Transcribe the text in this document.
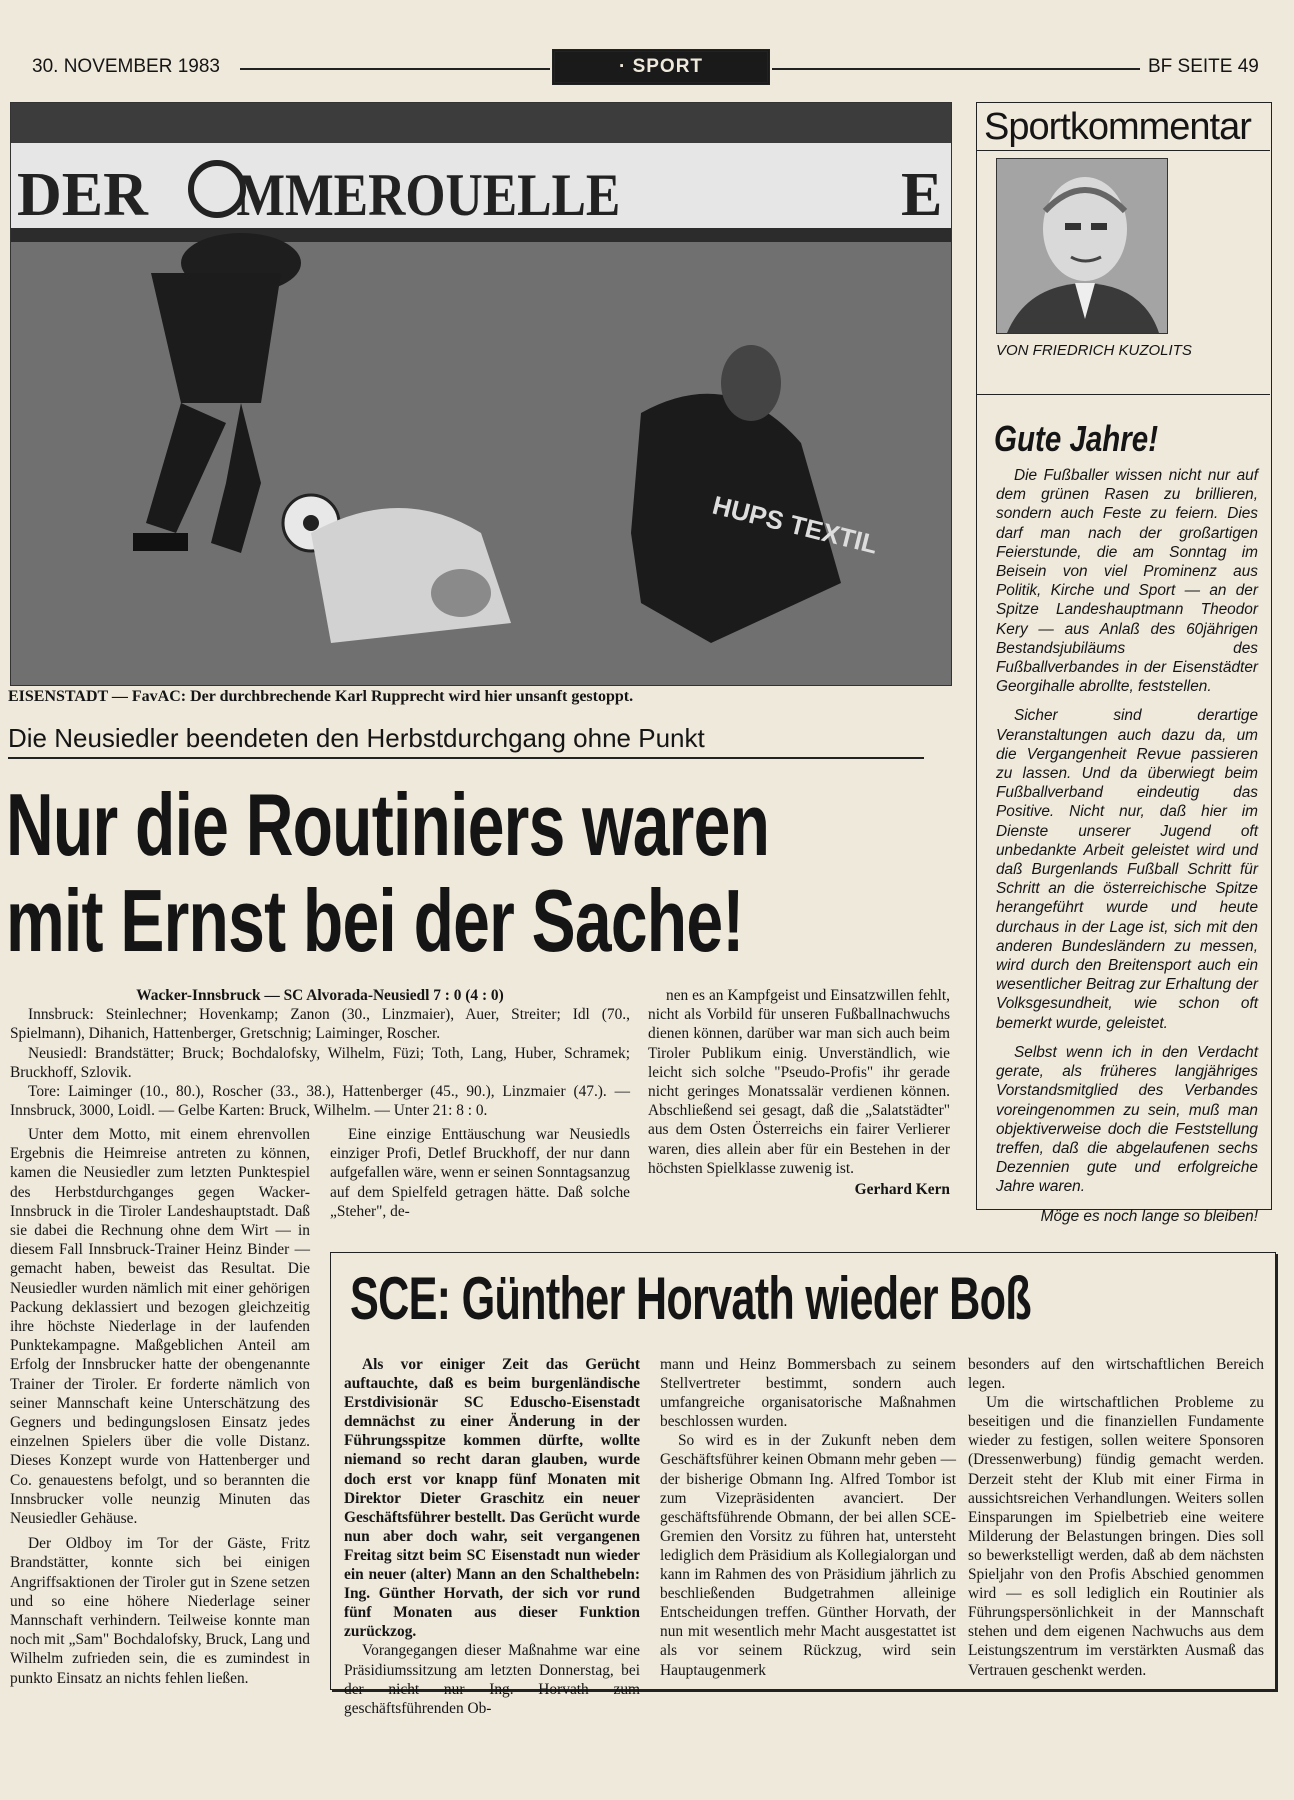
30. NOVEMBER 1983	· SPORT	BF SEITE 49
DER MMEROUELLE	E
HUPS TEXTIL
EISENSTADT — FavAC: Der durchbrechende Karl Rupprecht wird hier unsanft gestoppt.
Die Neusiedler beendeten den Herbstdurchgang ohne Punkt
Nur die Routiniers waren
mit Ernst bei der Sache!

Wacker-Innsbruck — SC Alvorada-Neusiedl 7 : 0 (4 : 0)

Innsbruck: Steinlechner; Hovenkamp; Zanon (30., Linzmaier), Auer, Streiter; Idl (70., Spielmann), Dihanich, Hattenberger, Gretschnig; Laiminger, Roscher.

Neusiedl: Brandstätter; Bruck; Bochdalofsky, Wilhelm, Füzi; Toth, Lang, Huber, Schramek; Bruckhoff, Szlovik.

Tore: Laiminger (10., 80.), Roscher (33., 38.), Hattenberger (45., 90.), Linzmaier (47.). — Innsbruck, 3000, Loidl. — Gelbe Karten: Bruck, Wilhelm. — Unter 21: 8 : 0.

Unter dem Motto, mit einem ehrenvollen Ergebnis die Heimreise antreten zu können, kamen die Neusiedler zum letzten Punktespiel des Herbstdurchganges gegen Wacker-Innsbruck in die Tiroler Landeshauptstadt. Daß sie dabei die Rechnung ohne dem Wirt — in diesem Fall Innsbruck-Trainer Heinz Binder — gemacht haben, beweist das Resultat. Die Neusiedler wurden nämlich mit einer gehörigen Packung deklassiert und bezogen gleichzeitig ihre höchste Niederlage in der laufenden Punktekampagne. Maßgeblichen Anteil am Erfolg der Innsbrucker hatte der obengenannte Trainer der Tiroler. Er forderte nämlich von seiner Mannschaft keine Unterschätzung des Gegners und bedingungslosen Einsatz jedes einzelnen Spielers über die volle Distanz. Dieses Konzept wurde von Hattenberger und Co. genauestens befolgt, und so berannten die Innsbrucker volle neunzig Minuten das Neusiedler Gehäuse.

Der Oldboy im Tor der Gäste, Fritz Brandstätter, konnte sich bei einigen Angriffsaktionen der Tiroler gut in Szene setzen und so eine höhere Niederlage seiner Mannschaft verhindern. Teilweise konnte man noch mit „Sam" Bochdalofsky, Bruck, Lang und Wilhelm zufrieden sein, die es zumindest in punkto Einsatz an nichts fehlen ließen.

Eine einzige Enttäuschung war Neusiedls einziger Profi, Detlef Bruckhoff, der nur dann aufgefallen wäre, wenn er seinen Sonntagsanzug auf dem Spielfeld getragen hätte. Daß solche „Steher", de-

nen es an Kampfgeist und Einsatzwillen fehlt, nicht als Vorbild für unseren Fußballnachwuchs dienen können, darüber war man sich auch beim Tiroler Publikum einig. Unverständlich, wie leicht sich solche "Pseudo-Profis" ihr gerade nicht geringes Monatssalär verdienen können. Abschließend sei gesagt, daß die „Salatstädter" aus dem Osten Österreichs ein fairer Verlierer waren, dies allein aber für ein Bestehen in der höchsten Spielklasse zuwenig ist.

Gerhard Kern

Sportkommentar
VON FRIEDRICH KUZOLITS
Gute Jahre!

Die Fußballer wissen nicht nur auf dem grünen Rasen zu brillieren, sondern auch Feste zu feiern. Dies darf man nach der großartigen Feierstunde, die am Sonntag im Beisein von viel Prominenz aus Politik, Kirche und Sport — an der Spitze Landeshauptmann Theodor Kery — aus Anlaß des 60jährigen Bestandsjubiläums des Fußballverbandes in der Eisenstädter Georgihalle abrollte, feststellen.

Sicher sind derartige Veranstaltungen auch dazu da, um die Vergangenheit Revue passieren zu lassen. Und da überwiegt beim Fußballverband eindeutig das Positive. Nicht nur, daß hier im Dienste unserer Jugend oft unbedankte Arbeit geleistet wird und daß Burgenlands Fußball Schritt für Schritt an die österreichische Spitze herangeführt wurde und heute durchaus in der Lage ist, sich mit den anderen Bundesländern zu messen, wird durch den Breitensport auch ein wesentlicher Beitrag zur Erhaltung der Volksgesundheit, wie schon oft bemerkt wurde, geleistet.

Selbst wenn ich in den Verdacht gerate, als früheres langjähriges Vorstandsmitglied des Verbandes voreingenommen zu sein, muß man objektiverweise doch die Feststellung treffen, daß die abgelaufenen sechs Dezennien gute und erfolgreiche Jahre waren.

Möge es noch lange so bleiben!

SCE: Günther Horvath wieder Boß

Als vor einiger Zeit das Gerücht auftauchte, daß es beim burgenländische Erstdivisionär SC Eduscho-Eisenstadt demnächst zu einer Änderung in der Führungsspitze kommen dürfte, wollte niemand so recht daran glauben, wurde doch erst vor knapp fünf Monaten mit Direktor Dieter Graschitz ein neuer Geschäftsführer bestellt. Das Gerücht wurde nun aber doch wahr, seit vergangenen Freitag sitzt beim SC Eisenstadt nun wieder ein neuer (alter) Mann an den Schalthebeln: Ing. Günther Horvath, der sich vor rund fünf Monaten aus dieser Funktion zurückzog.

Vorangegangen dieser Maßnahme war eine Präsidiumssitzung am letzten Donnerstag, bei der nicht nur Ing. Horvath zum geschäftsführenden Ob-

mann und Heinz Bommersbach zu seinem Stellvertreter bestimmt, sondern auch umfangreiche organisatorische Maßnahmen beschlossen wurden.

So wird es in der Zukunft neben dem Geschäftsführer keinen Obmann mehr geben — der bisherige Obmann Ing. Alfred Tombor ist zum Vizepräsidenten avanciert. Der geschäftsführende Obmann, der bei allen SCE-Gremien den Vorsitz zu führen hat, untersteht lediglich dem Präsidium als Kollegialorgan und kann im Rahmen des von Präsidium jährlich zu beschließenden Budgetrahmen alleinige Entscheidungen treffen. Günther Horvath, der nun mit wesentlich mehr Macht ausgestattet ist als vor seinem Rückzug, wird sein Hauptaugenmerk

besonders auf den wirtschaftlichen Bereich legen.

Um die wirtschaftlichen Probleme zu beseitigen und die finanziellen Fundamente wieder zu festigen, sollen weitere Sponsoren (Dressenwerbung) fündig gemacht werden. Derzeit steht der Klub mit einer Firma in aussichtsreichen Verhandlungen. Weiters sollen Einsparungen im Spielbetrieb eine weitere Milderung der Belastungen bringen. Dies soll so bewerkstelligt werden, daß ab dem nächsten Spieljahr von den Profis Abschied genommen wird — es soll lediglich ein Routinier als Führungspersönlichkeit in der Mannschaft stehen und dem eigenen Nachwuchs aus dem Leistungszentrum im verstärkten Ausmaß das Vertrauen geschenkt werden.
